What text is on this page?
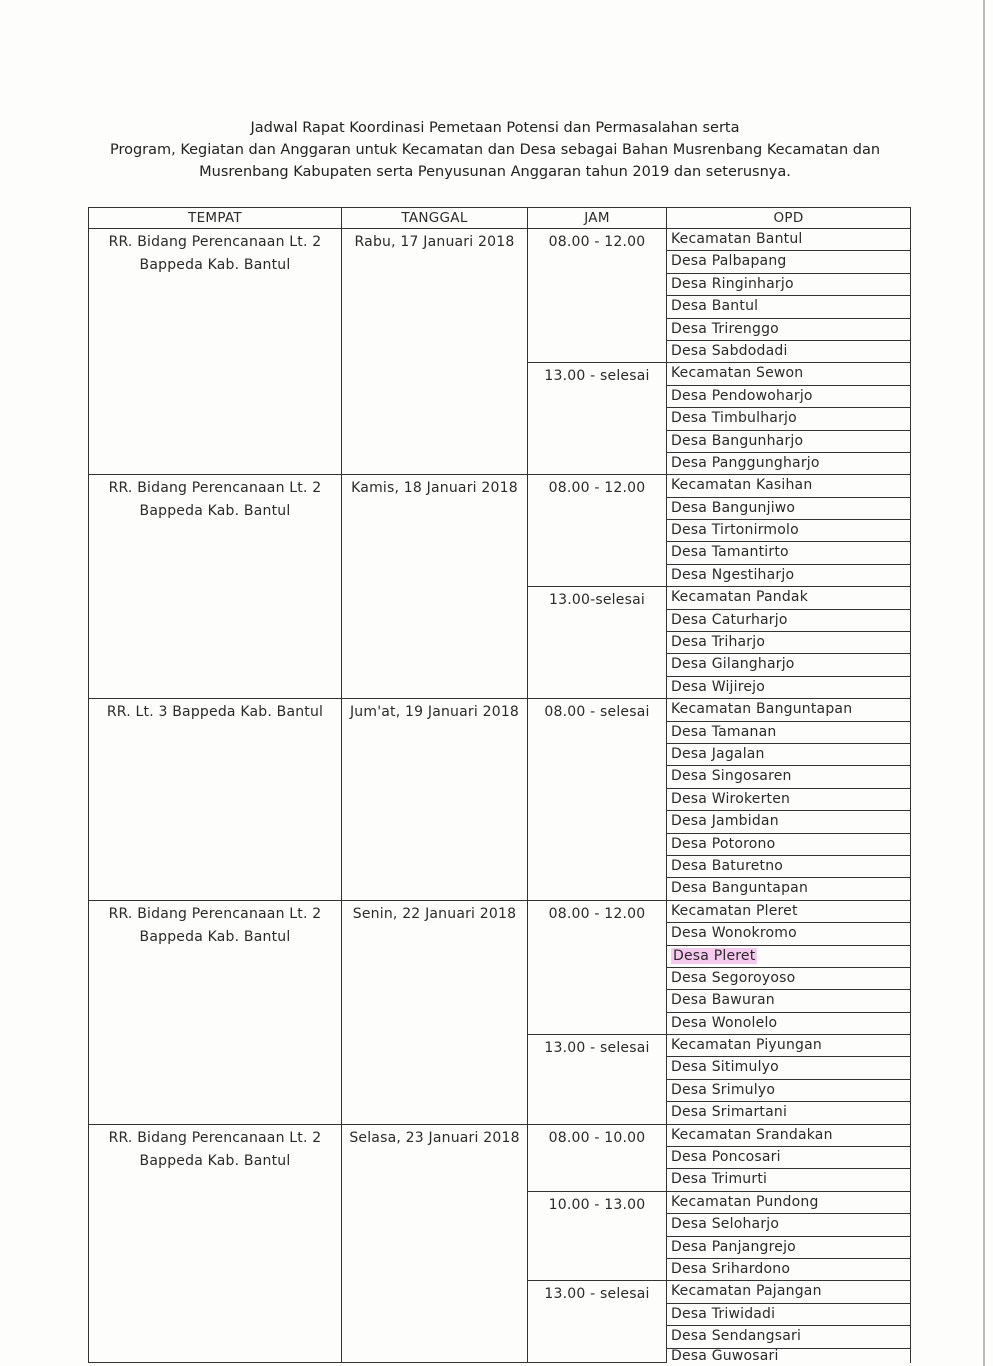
Jadwal Rapat Koordinasi Pemetaan Potensi dan Permasalahan serta
Program, Kegiatan dan Anggaran untuk Kecamatan dan Desa sebagai Bahan Musrenbang Kecamatan dan
Musrenbang Kabupaten serta Penyusunan Anggaran tahun 2019 dan seterusnya.
TEMPAT	TANGGAL	JAM	OPD
RR. Bidang Perencanaan Lt. 2 Bappeda Kab. Bantul	Rabu, 17 Januari 2018	08.00 - 12.00	Kecamatan Bantul
			Desa Palbapang
			Desa Ringinharjo
			Desa Bantul
			Desa Trirenggo
			Desa Sabdodadi
		13.00 - selesai	Kecamatan Sewon
			Desa Pendowoharjo
			Desa Timbulharjo
			Desa Bangunharjo
			Desa Panggungharjo
RR. Bidang Perencanaan Lt. 2 Bappeda Kab. Bantul	Kamis, 18 Januari 2018	08.00 - 12.00	Kecamatan Kasihan
			Desa Bangunjiwo
			Desa Tirtonirmolo
			Desa Tamantirto
			Desa Ngestiharjo
		13.00-selesai	Kecamatan Pandak
			Desa Caturharjo
			Desa Triharjo
			Desa Gilangharjo
			Desa Wijirejo
RR. Lt. 3 Bappeda Kab. Bantul	Jum'at, 19 Januari 2018	08.00 - selesai	Kecamatan Banguntapan
			Desa Tamanan
			Desa Jagalan
			Desa Singosaren
			Desa Wirokerten
			Desa Jambidan
			Desa Potorono
			Desa Baturetno
			Desa Banguntapan
RR. Bidang Perencanaan Lt. 2 Bappeda Kab. Bantul	Senin, 22 Januari 2018	08.00 - 12.00	Kecamatan Pleret
			Desa Wonokromo
			Desa Pleret
			Desa Segoroyoso
			Desa Bawuran
			Desa Wonolelo
		13.00 - selesai	Kecamatan Piyungan
			Desa Sitimulyo
			Desa Srimulyo
			Desa Srimartani
RR. Bidang Perencanaan Lt. 2 Bappeda Kab. Bantul	Selasa, 23 Januari 2018	08.00 - 10.00	Kecamatan Srandakan
			Desa Poncosari
			Desa Trimurti
		10.00 - 13.00	Kecamatan Pundong
			Desa Seloharjo
			Desa Panjangrejo
			Desa Srihardono
		13.00 - selesai	Kecamatan Pajangan
			Desa Triwidadi
			Desa Sendangsari
			Desa Guwosari
